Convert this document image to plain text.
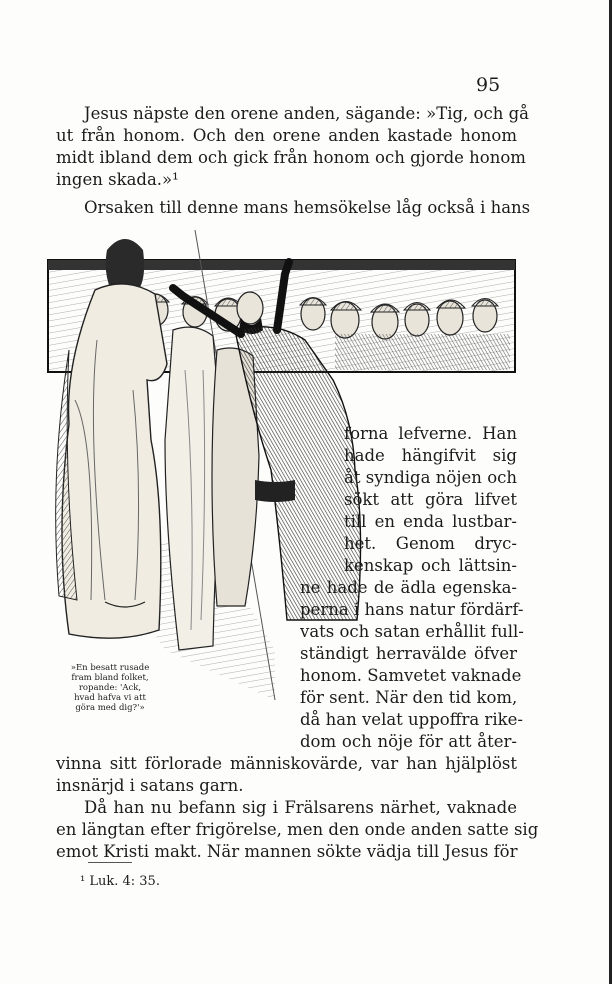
95
Jesus näpste den orene anden, sägande: »Tig, och gå
ut från honom. Och den orene anden kastade honom
midt ibland dem och gick från honom och gjorde honom
ingen skada.»¹
Orsaken till denne mans hemsökelse låg också i hans
forna lefverne. Han
hade hängifvit sig
åt syndiga nöjen och
sökt att göra lifvet
till en enda lustbar-
het. Genom dryc-
kenskap och lättsin-
ne hade de ädla egenska-
perna i hans natur fördärf-
vats och satan erhållit full-
ständigt herravälde öfver
honom. Samvetet vaknade
för sent. När den tid kom,
då han velat uppoffra rike-
dom och nöje för att åter-
»En besatt rusade
fram bland folket,
ropande: 'Ack,
hvad hafva vi att
göra med dig?'»
vinna sitt förlorade människovärde, var han hjälplöst
insnärjd i satans garn.
Då han nu befann sig i Frälsarens närhet, vaknade
en längtan efter frigörelse, men den onde anden satte sig
emot Kristi makt. När mannen sökte vädja till Jesus för
¹ Luk. 4: 35.
